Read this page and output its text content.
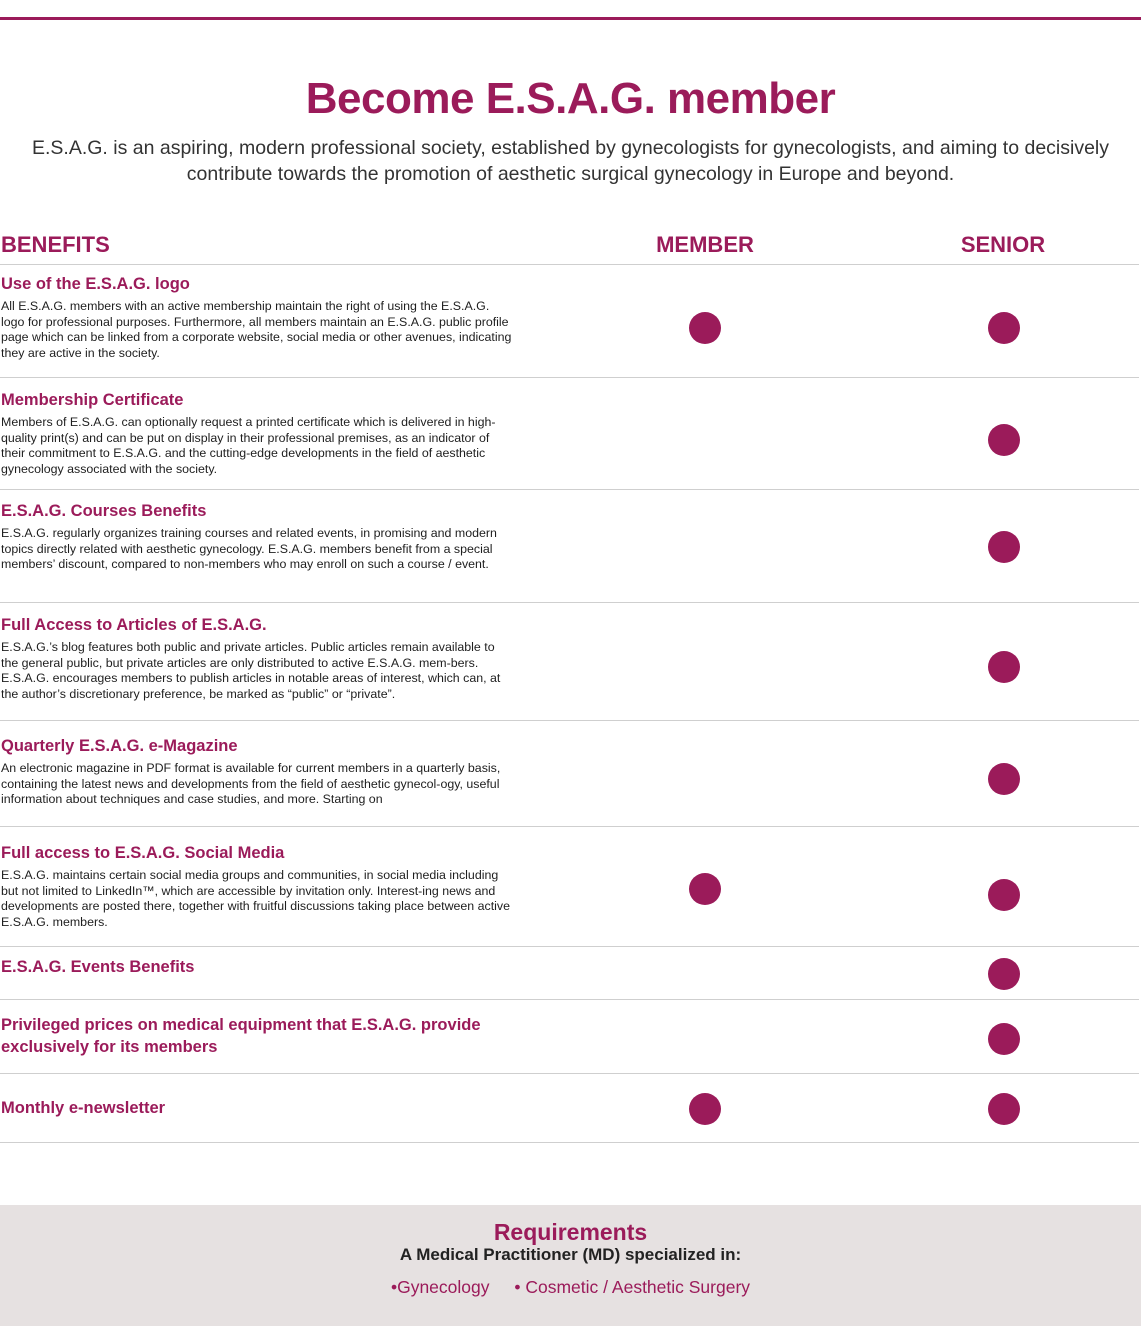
Become E.S.A.G. member

E.S.A.G. is an aspiring, modern professional society, established by gynecologists for gynecologists, and aiming to decisively contribute towards the promotion of aesthetic surgical gynecology in Europe and beyond.

BENEFITS	MEMBER	SENIOR
Use of the E.S.A.G. logo
All E.S.A.G. members with an active membership maintain the right of using the E.S.A.G. logo for professional purposes. Furthermore, all members maintain an E.S.A.G. public profile page which can be linked from a corporate website, social media or other avenues, indicating they are active in the society.
Membership Certificate
Members of E.S.A.G. can optionally request a printed certificate which is delivered in high-quality print(s) and can be put on display in their professional premises, as an indicator of their commitment to E.S.A.G. and the cutting-edge developments in the field of aesthetic gynecology associated with the society.
E.S.A.G. Courses Benefits
E.S.A.G. regularly organizes training courses and related events, in promising and modern topics directly related with aesthetic gynecology. E.S.A.G. members benefit from a special members’ discount, compared to non-members who may enroll on such a course / event.
Full Access to Articles of E.S.A.G.
E.S.A.G.’s blog features both public and private articles. Public articles remain available to the general public, but private articles are only distributed to active E.S.A.G. mem-bers. E.S.A.G. encourages members to publish articles in notable areas of interest, which can, at the author’s discretionary preference, be marked as “public” or “private”.
Quarterly E.S.A.G. e-Magazine
An electronic magazine in PDF format is available for current members in a quarterly basis, containing the latest news and developments from the field of aesthetic gynecol-ogy, useful information about techniques and case studies, and more. Starting on
Full access to E.S.A.G. Social Media
E.S.A.G. maintains certain social media groups and communities, in social media including but not limited to LinkedIn™, which are accessible by invitation only. Interest-ing news and developments are posted there, together with fruitful discussions taking place between active E.S.A.G. members.
E.S.A.G. Events Benefits
Privileged prices on medical equipment that E.S.A.G. provide exclusively for its members
Monthly e-newsletter
Requirements
A Medical Practitioner (MD) specialized in:
•Gynecology • Cosmetic / Aesthetic Surgery
